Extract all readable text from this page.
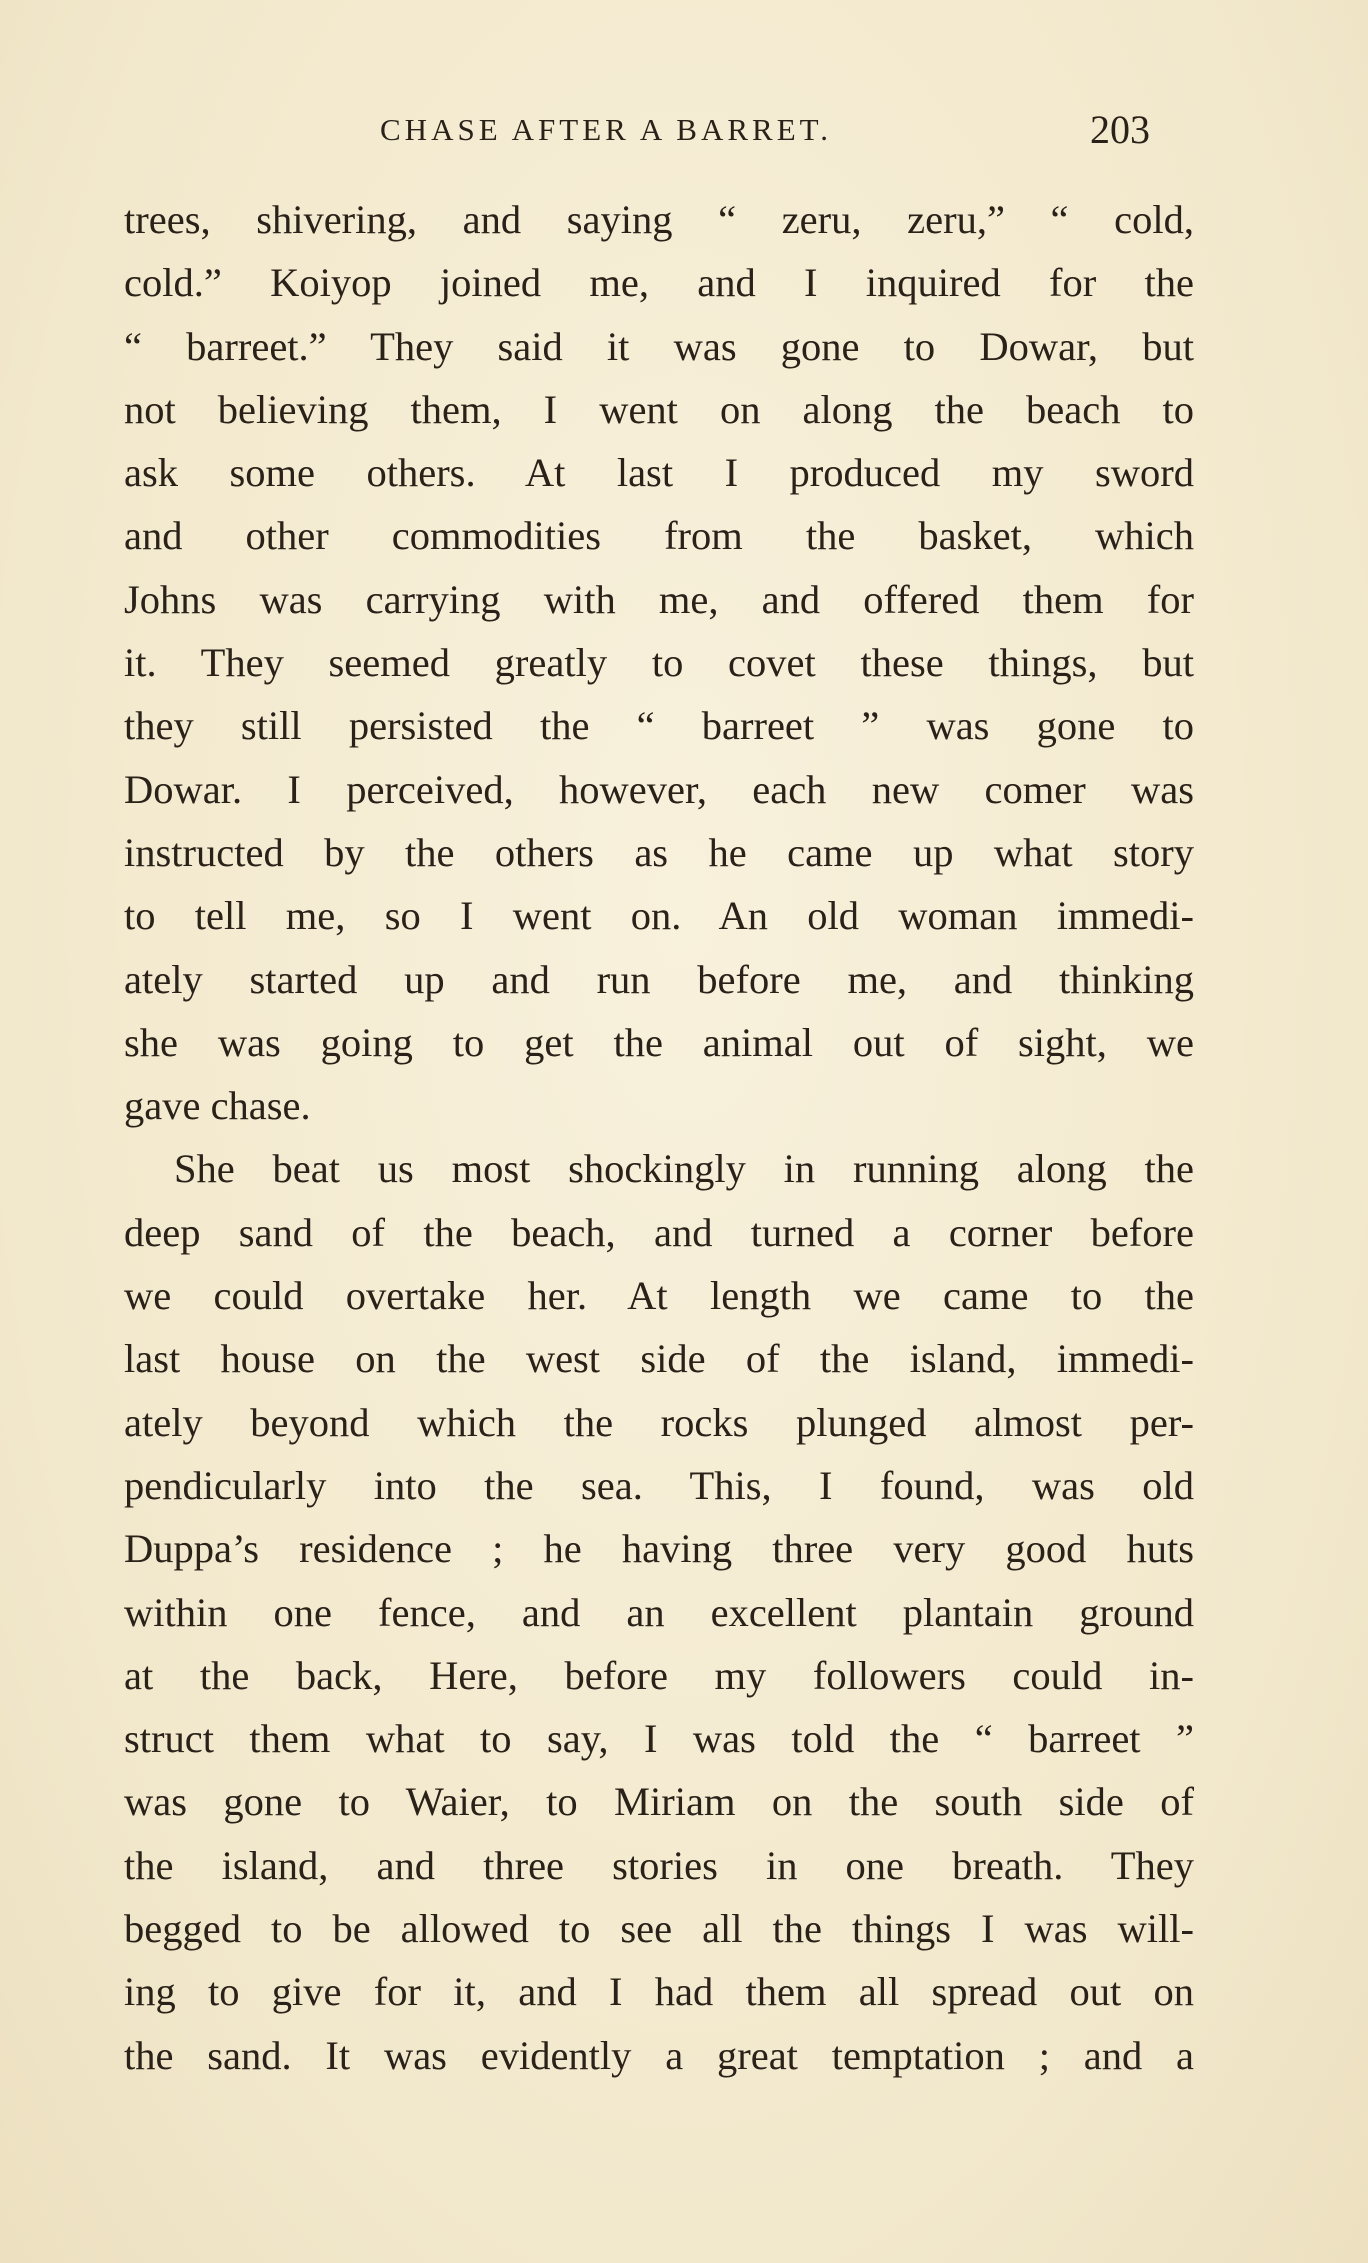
CHASE AFTER A BARRET.	203
trees, shivering, and saying “ zeru, zeru,” “ cold,
cold.” Koiyop joined me, and I inquired for the
“ barreet.” They said it was gone to Dowar, but
not believing them, I went on along the beach to
ask some others. At last I produced my sword
and other commodities from the basket, which
Johns was carrying with me, and offered them for
it. They seemed greatly to covet these things, but
they still persisted the “ barreet ” was gone to
Dowar. I perceived, however, each new comer was
instructed by the others as he came up what story
to tell me, so I went on. An old woman immedi-
ately started up and run before me, and thinking
she was going to get the animal out of sight, we
gave chase.
She beat us most shockingly in running along the
deep sand of the beach, and turned a corner before
we could overtake her. At length we came to the
last house on the west side of the island, immedi-
ately beyond which the rocks plunged almost per-
pendicularly into the sea. This, I found, was old
Duppa’s residence ; he having three very good huts
within one fence, and an excellent plantain ground
at the back, Here, before my followers could in-
struct them what to say, I was told the “ barreet ”
was gone to Waier, to Miriam on the south side of
the island, and three stories in one breath. They
begged to be allowed to see all the things I was will-
ing to give for it, and I had them all spread out on
the sand. It was evidently a great temptation ; and a
